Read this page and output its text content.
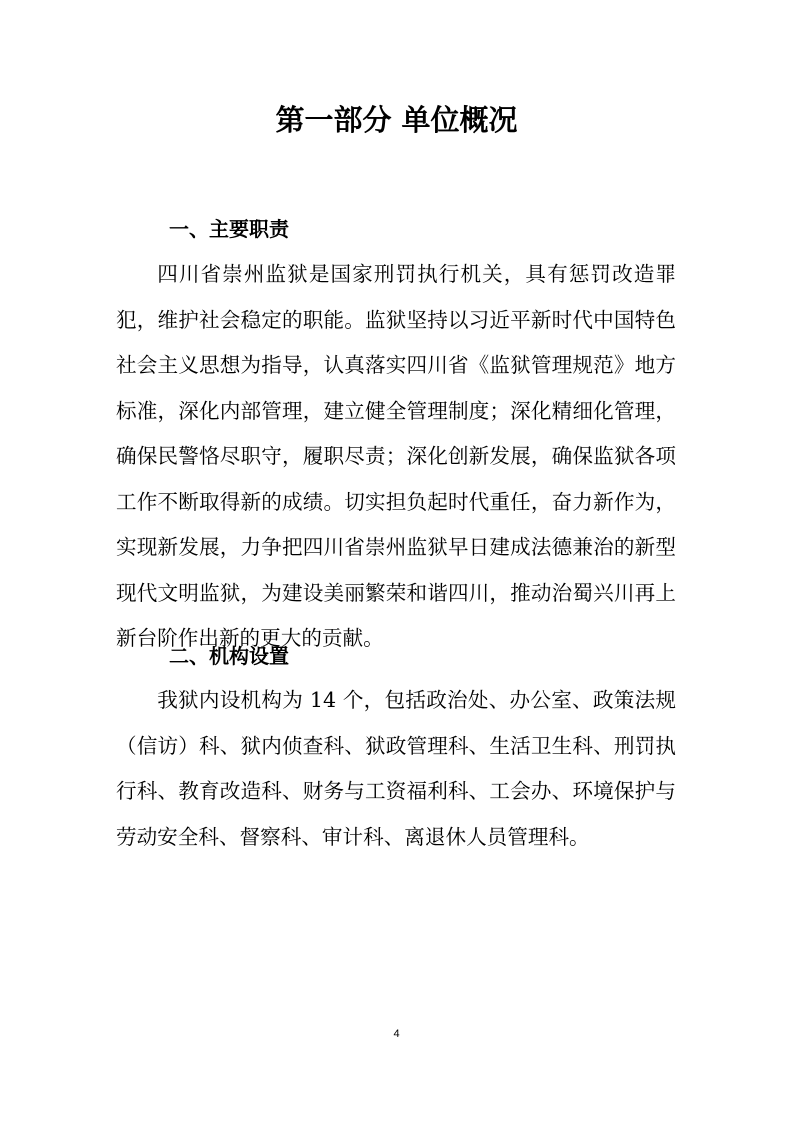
第一部分 单位概况
一、主要职责

四川省崇州监狱是国家刑罚执行机关，具有惩罚改造罪犯，维护社会稳定的职能。监狱坚持以习近平新时代中国特色社会主义思想为指导，认真落实四川省《监狱管理规范》地方标准，深化内部管理，建立健全管理制度；深化精细化管理，确保民警恪尽职守，履职尽责；深化创新发展，确保监狱各项工作不断取得新的成绩。切实担负起时代重任，奋力新作为，实现新发展，力争把四川省崇州监狱早日建成法德兼治的新型现代文明监狱，为建设美丽繁荣和谐四川，推动治蜀兴川再上新台阶作出新的更大的贡献。

二、机构设置

我狱内设机构为 14 个，包括政治处、办公室、政策法规（信访）科、狱内侦查科、狱政管理科、生活卫生科、刑罚执行科、教育改造科、财务与工资福利科、工会办、环境保护与劳动安全科、督察科、审计科、离退休人员管理科。

4
